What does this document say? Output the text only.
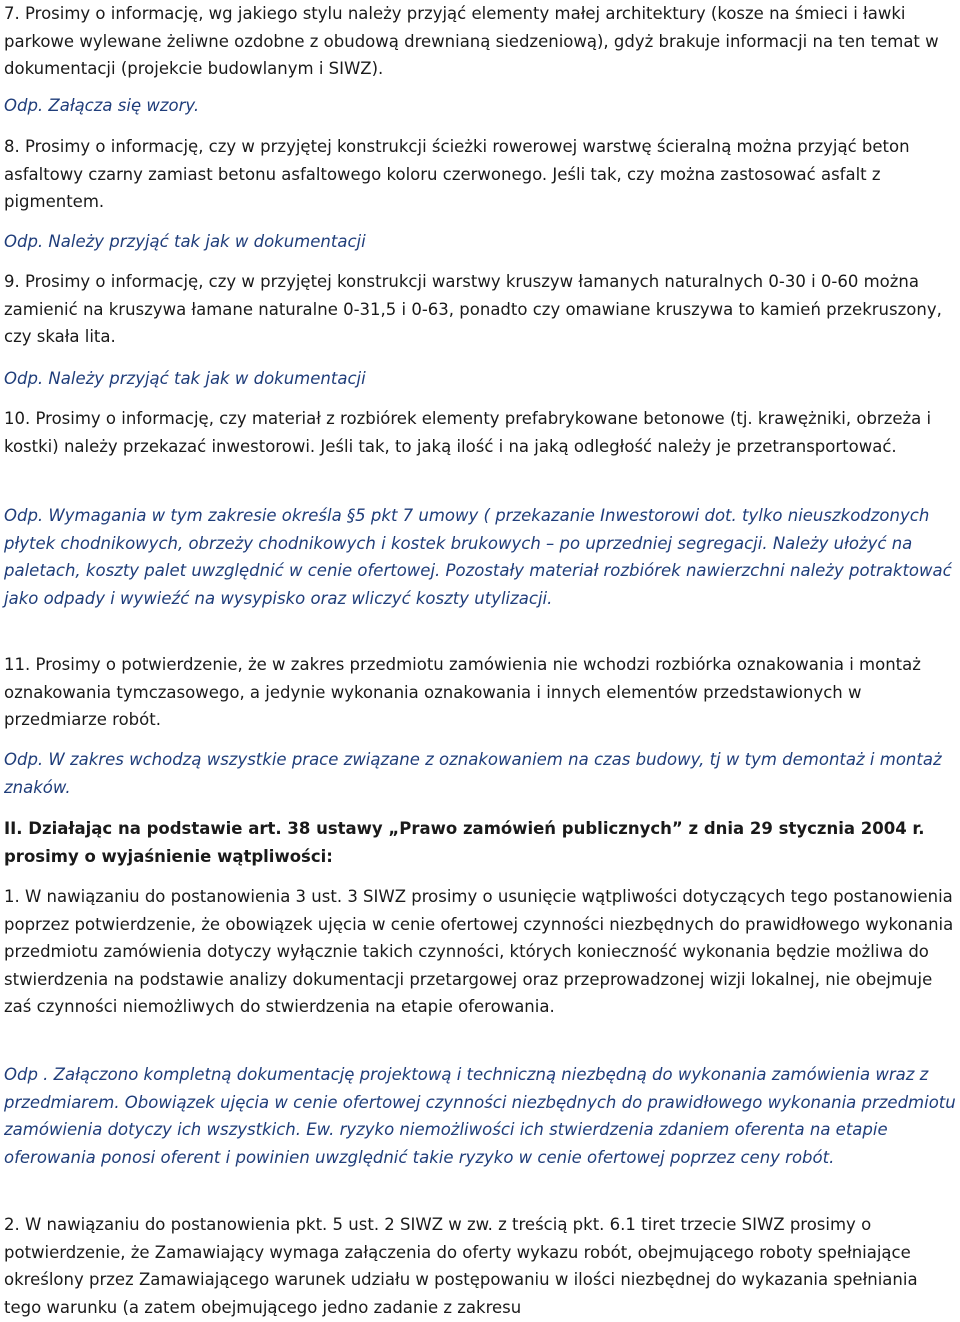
7. Prosimy o informację, wg jakiego stylu należy przyjąć elementy małej architektury (kosze na śmieci i ławki parkowe wylewane żeliwne ozdobne z obudową drewnianą siedzeniową), gdyż brakuje informacji na ten temat w dokumentacji (projekcie budowlanym i SIWZ).

Odp. Załącza się wzory.

8. Prosimy o informację, czy w przyjętej konstrukcji ścieżki rowerowej warstwę ścieralną można przyjąć beton asfaltowy czarny zamiast betonu asfaltowego koloru czerwonego. Jeśli tak, czy można zastosować asfalt z pigmentem.

Odp. Należy przyjąć tak jak w dokumentacji

9. Prosimy o informację, czy w przyjętej konstrukcji warstwy kruszyw łamanych naturalnych 0-30 i 0-60 można zamienić na kruszywa łamane naturalne 0-31,5 i 0-63, ponadto czy omawiane kruszywa to kamień przekruszony, czy skała lita.

Odp. Należy przyjąć tak jak w dokumentacji

10. Prosimy o informację, czy materiał z rozbiórek elementy prefabrykowane betonowe (tj. krawężniki, obrzeża i kostki) należy przekazać inwestorowi. Jeśli tak, to jaką ilość i na jaką odległość należy je przetransportować.

Odp. Wymagania w tym zakresie określa §5 pkt 7 umowy ( przekazanie Inwestorowi dot. tylko nieuszkodzonych płytek chodnikowych, obrzeży chodnikowych i kostek brukowych – po uprzedniej segregacji. Należy ułożyć na paletach, koszty palet uwzględnić w cenie ofertowej. Pozostały materiał rozbiórek nawierzchni należy potraktować jako odpady i wywieźć na wysypisko oraz wliczyć koszty utylizacji.

11. Prosimy o potwierdzenie, że w zakres przedmiotu zamówienia nie wchodzi rozbiórka oznakowania i montaż oznakowania tymczasowego, a jedynie wykonania oznakowania i innych elementów przedstawionych w przedmiarze robót.

Odp. W zakres wchodzą wszystkie prace związane z oznakowaniem na czas budowy, tj w tym demontaż i montaż znaków.

II. Działając na podstawie art. 38 ustawy „Prawo zamówień publicznych” z dnia 29 stycznia 2004 r. prosimy o wyjaśnienie wątpliwości:

1. W nawiązaniu do postanowienia 3 ust. 3 SIWZ prosimy o usunięcie wątpliwości dotyczących tego postanowienia poprzez potwierdzenie, że obowiązek ujęcia w cenie ofertowej czynności niezbędnych do prawidłowego wykonania przedmiotu zamówienia dotyczy wyłącznie takich czynności, których konieczność wykonania będzie możliwa do stwierdzenia na podstawie analizy dokumentacji przetargowej oraz przeprowadzonej wizji lokalnej, nie obejmuje zaś czynności niemożliwych do stwierdzenia na etapie oferowania.

Odp . Załączono kompletną dokumentację projektową i techniczną niezbędną do wykonania zamówienia wraz z przedmiarem. Obowiązek ujęcia w cenie ofertowej czynności niezbędnych do prawidłowego wykonania przedmiotu zamówienia dotyczy ich wszystkich. Ew. ryzyko niemożliwości ich stwierdzenia zdaniem oferenta na etapie oferowania ponosi oferent i powinien uwzględnić takie ryzyko w cenie ofertowej poprzez ceny robót.

2. W nawiązaniu do postanowienia pkt. 5 ust. 2 SIWZ w zw. z treścią pkt. 6.1 tiret trzecie SIWZ prosimy o potwierdzenie, że Zamawiający wymaga załączenia do oferty wykazu robót, obejmującego roboty spełniające określony przez Zamawiającego warunek udziału w postępowaniu w ilości niezbędnej do wykazania spełniania tego warunku (a zatem obejmującego jedno zadanie z zakresu
